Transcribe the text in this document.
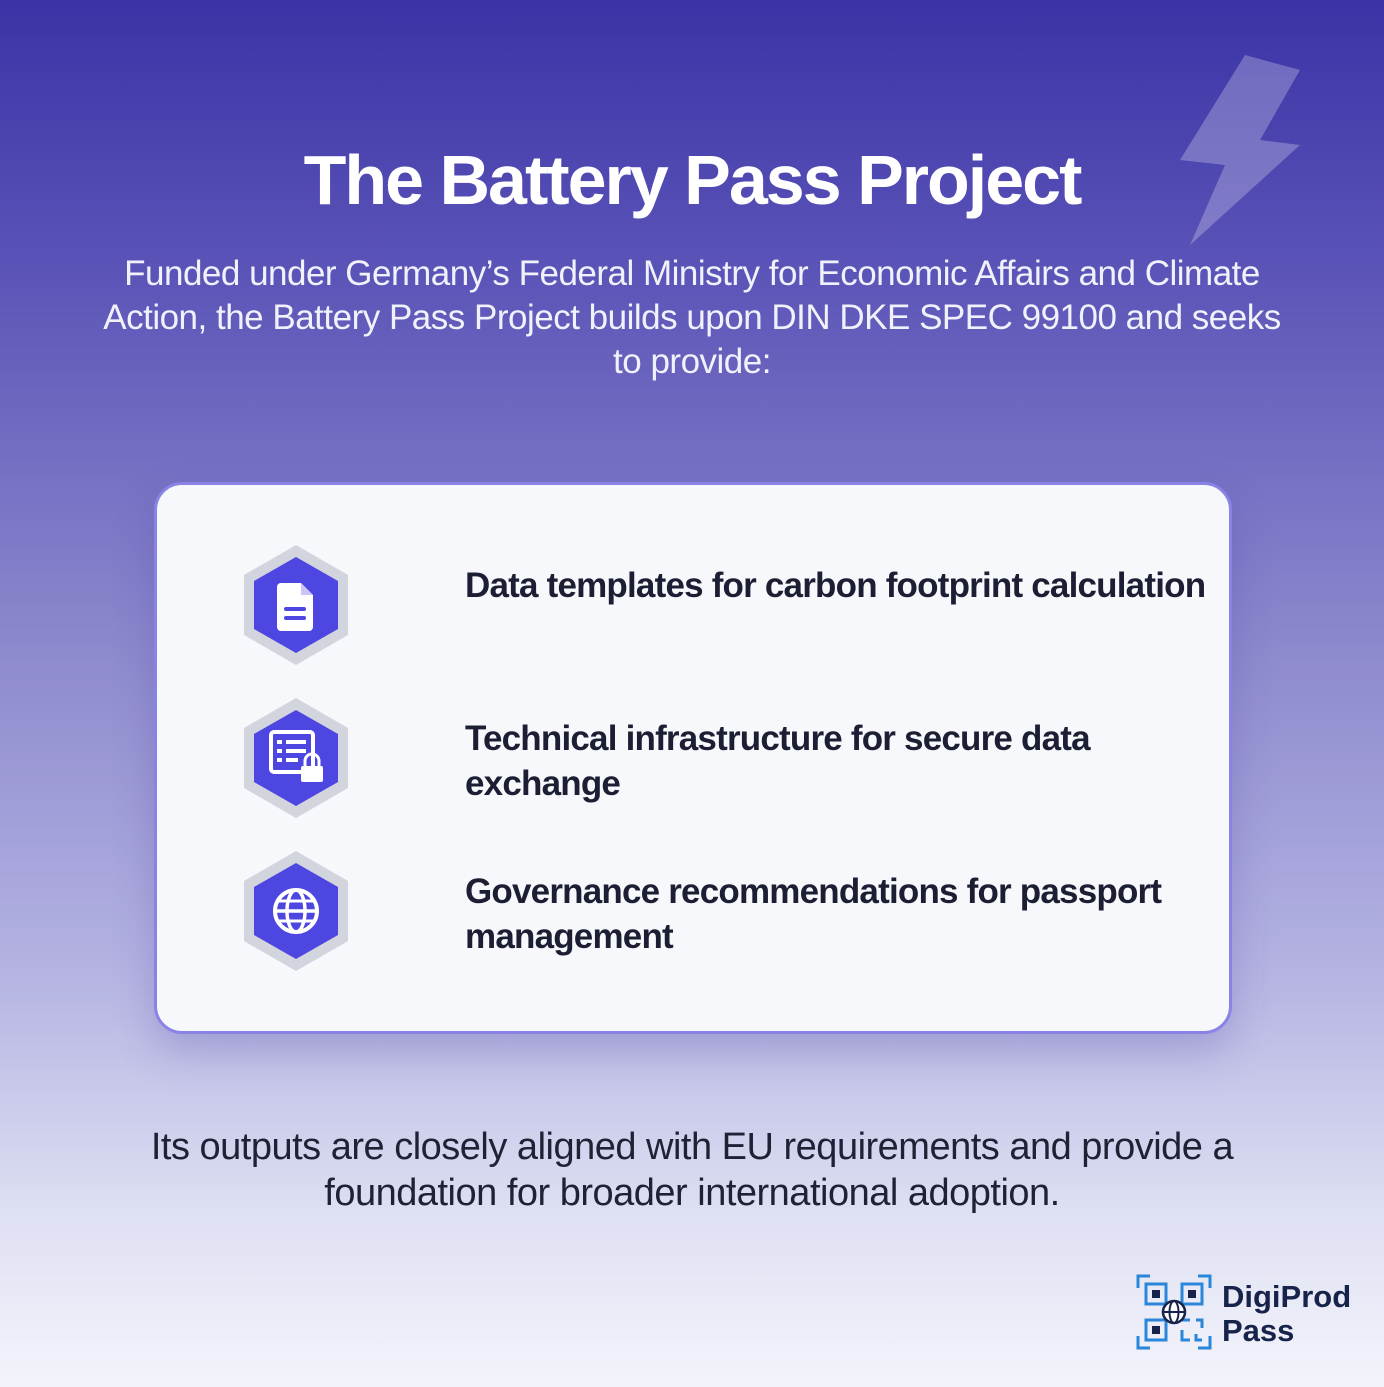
The Battery Pass Project
Funded under Germany’s Federal Ministry for Economic Affairs and Climate Action, the Battery Pass Project builds upon DIN DKE SPEC 99100 and seeks to provide:
Data templates for carbon footprint calculation
Technical infrastructure for secure data exchange
Governance recommendations for passport management
Its outputs are closely aligned with EU requirements and provide a foundation for broader international adoption.
DigiProd
Pass
